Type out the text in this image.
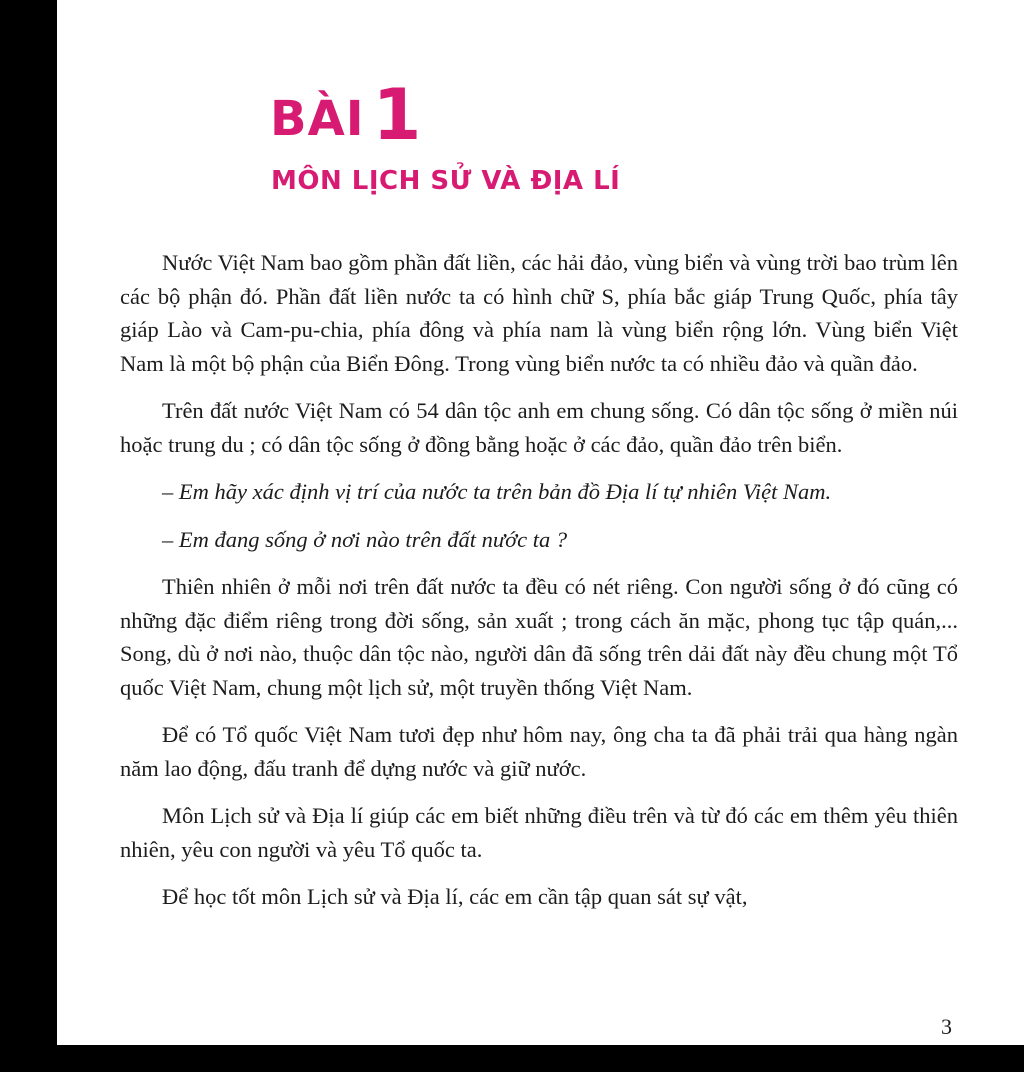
BÀI 1
MÔN LỊCH SỬ VÀ ĐỊA LÍ

Nước Việt Nam bao gồm phần đất liền, các hải đảo, vùng biển và vùng trời bao trùm lên các bộ phận đó. Phần đất liền nước ta có hình chữ S, phía bắc giáp Trung Quốc, phía tây giáp Lào và Cam-pu-chia, phía đông và phía nam là vùng biển rộng lớn. Vùng biển Việt Nam là một bộ phận của Biển Đông. Trong vùng biển nước ta có nhiều đảo và quần đảo.

Trên đất nước Việt Nam có 54 dân tộc anh em chung sống. Có dân tộc sống ở miền núi hoặc trung du ; có dân tộc sống ở đồng bằng hoặc ở các đảo, quần đảo trên biển.

– Em hãy xác định vị trí của nước ta trên bản đồ Địa lí tự nhiên Việt Nam.

– Em đang sống ở nơi nào trên đất nước ta ?

Thiên nhiên ở mỗi nơi trên đất nước ta đều có nét riêng. Con người sống ở đó cũng có những đặc điểm riêng trong đời sống, sản xuất ; trong cách ăn mặc, phong tục tập quán,... Song, dù ở nơi nào, thuộc dân tộc nào, người dân đã sống trên dải đất này đều chung một Tổ quốc Việt Nam, chung một lịch sử, một truyền thống Việt Nam.

Để có Tổ quốc Việt Nam tươi đẹp như hôm nay, ông cha ta đã phải trải qua hàng ngàn năm lao động, đấu tranh để dựng nước và giữ nước.

Môn Lịch sử và Địa lí giúp các em biết những điều trên và từ đó các em thêm yêu thiên nhiên, yêu con người và yêu Tổ quốc ta.

Để học tốt môn Lịch sử và Địa lí, các em cần tập quan sát sự vật,

3
